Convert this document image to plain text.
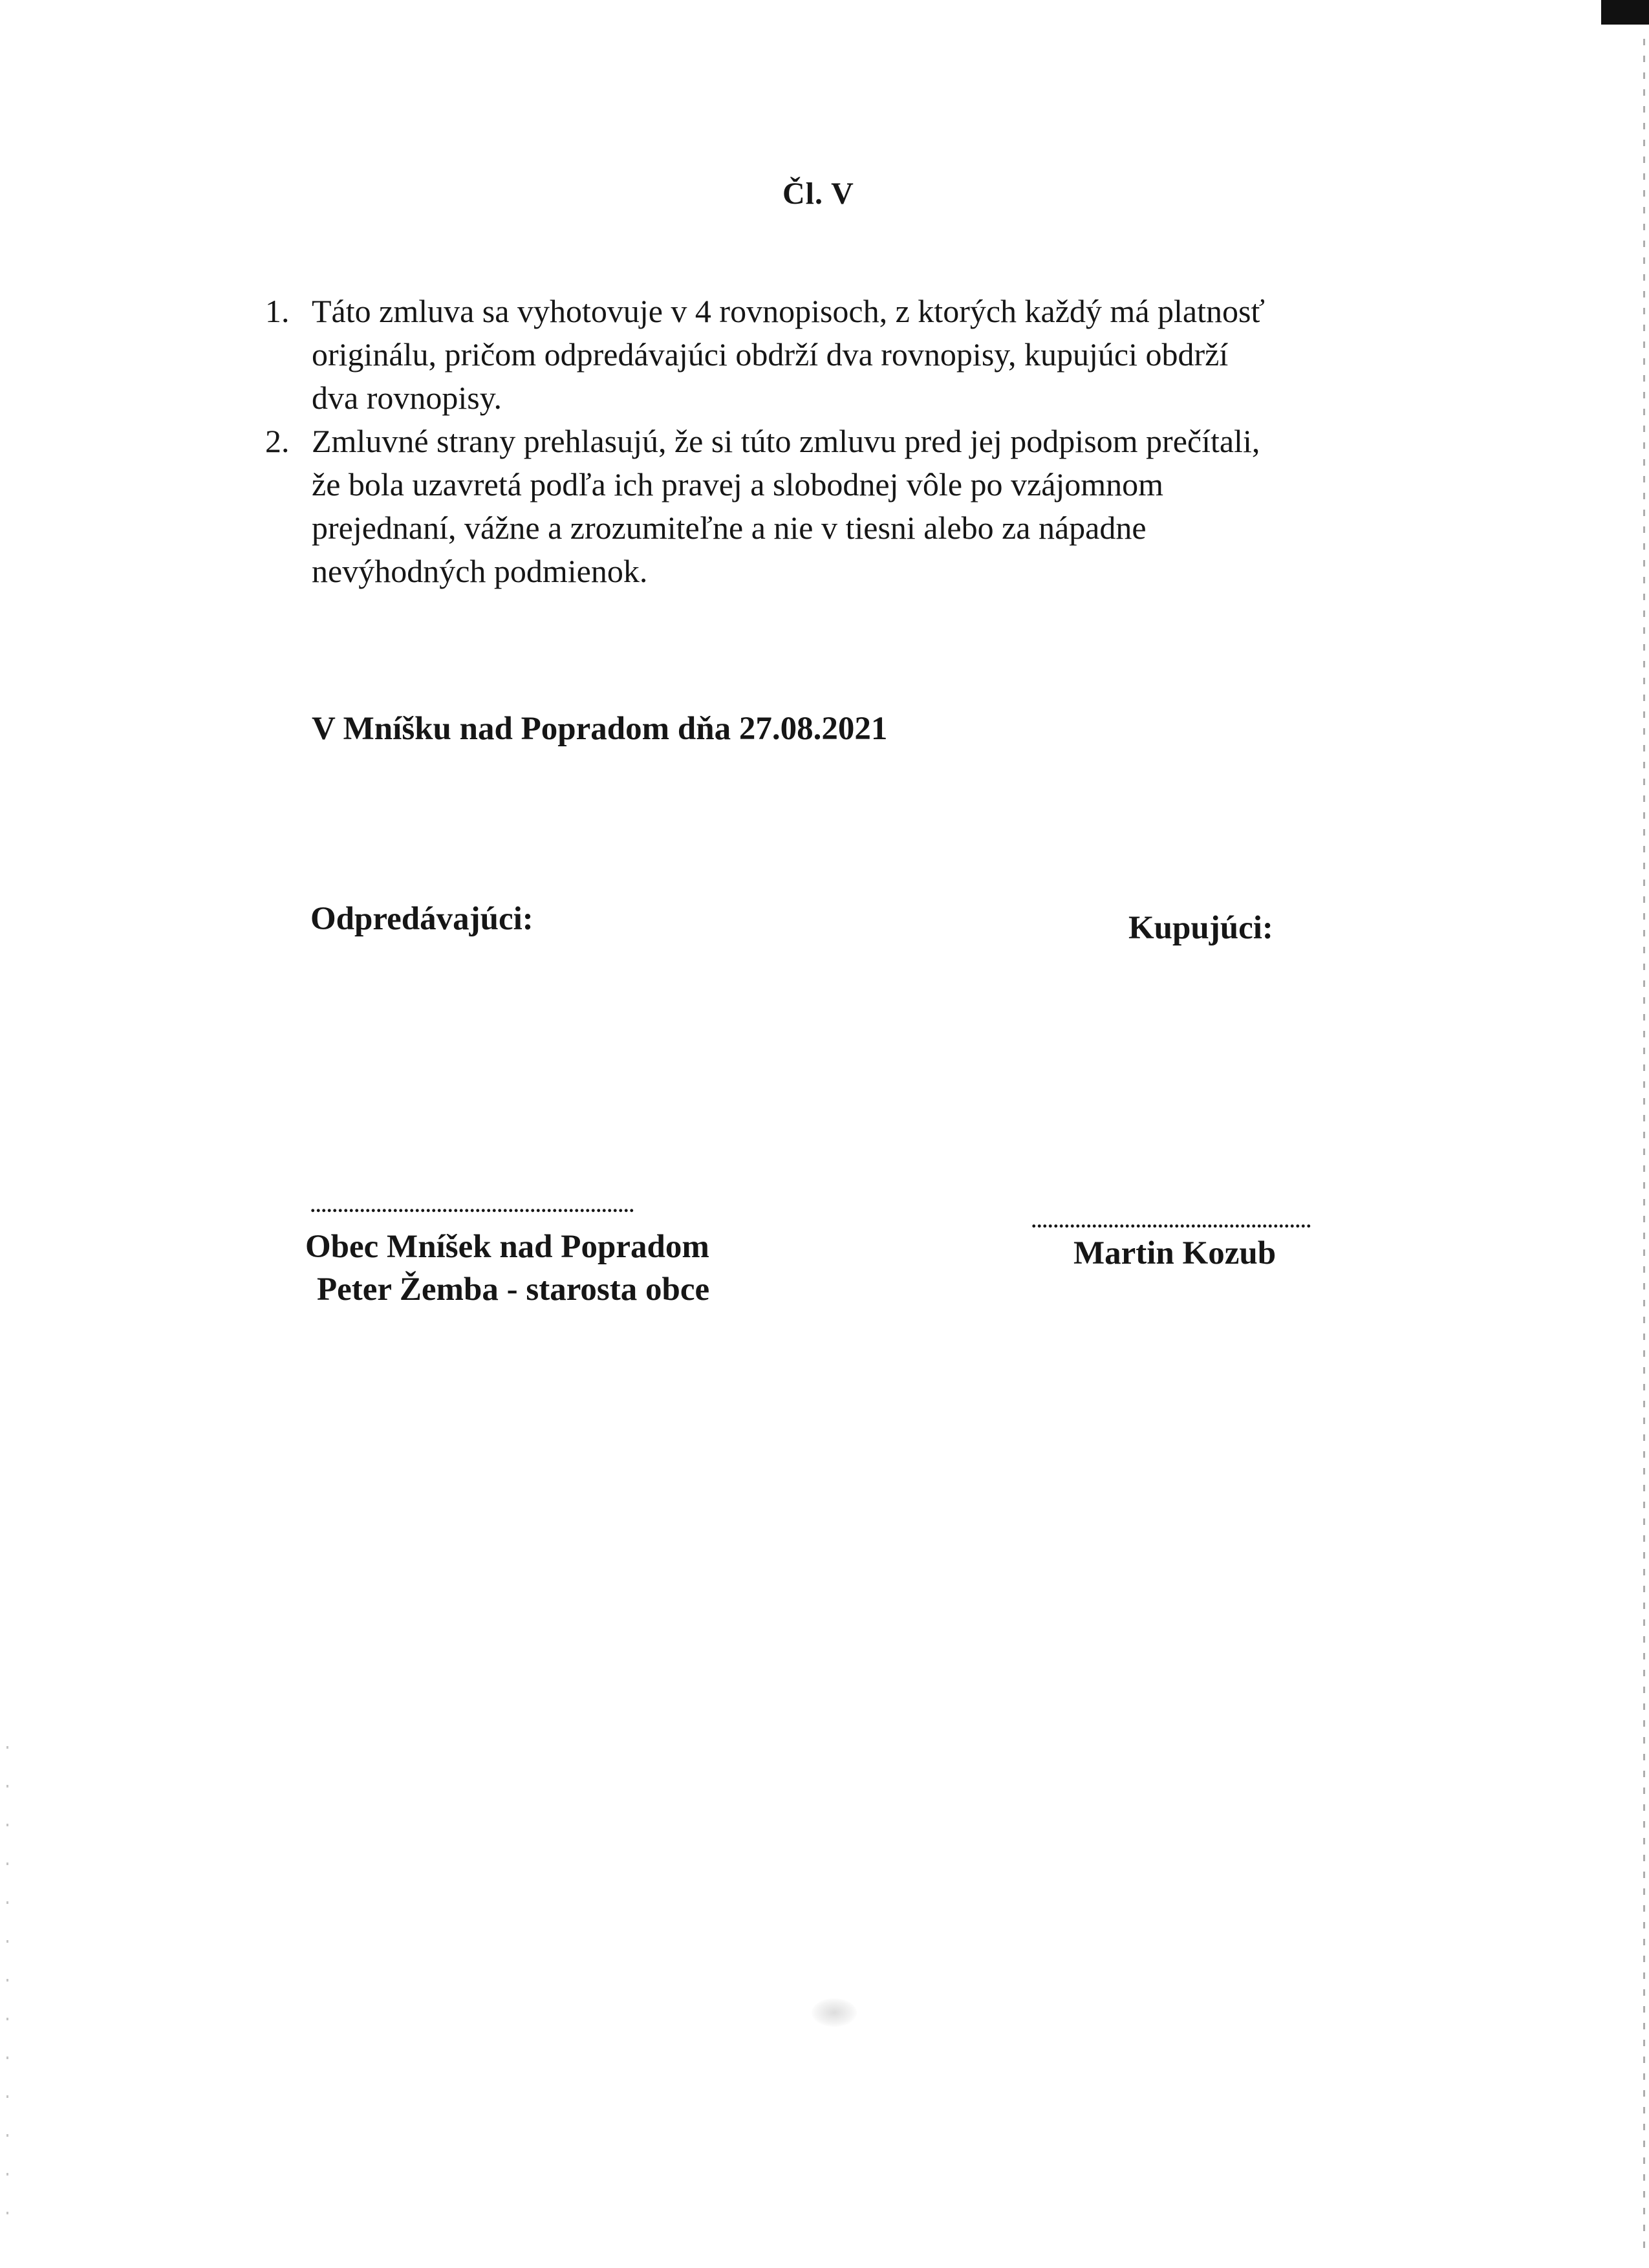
Čl. V
1. Táto zmluva sa vyhotovuje v 4 rovnopisoch, z ktorých každý má platnosť
originálu, pričom odpredávajúci obdrží dva rovnopisy, kupujúci obdrží
dva rovnopisy.
2. Zmluvné strany prehlasujú, že si túto zmluvu pred jej podpisom prečítali,
že bola uzavretá podľa ich pravej a slobodnej vôle po vzájomnom
prejednaní, vážne a zrozumiteľne a nie v tiesni alebo za nápadne
nevýhodných podmienok.

V Mníšku nad Popradom dňa 27.08.2021

Odpredávajúci:	Kupujúci:

...........................................................
...................................................

Obec Mníšek nad Popradom

Peter Žemba - starosta obce

Martin Kozub
